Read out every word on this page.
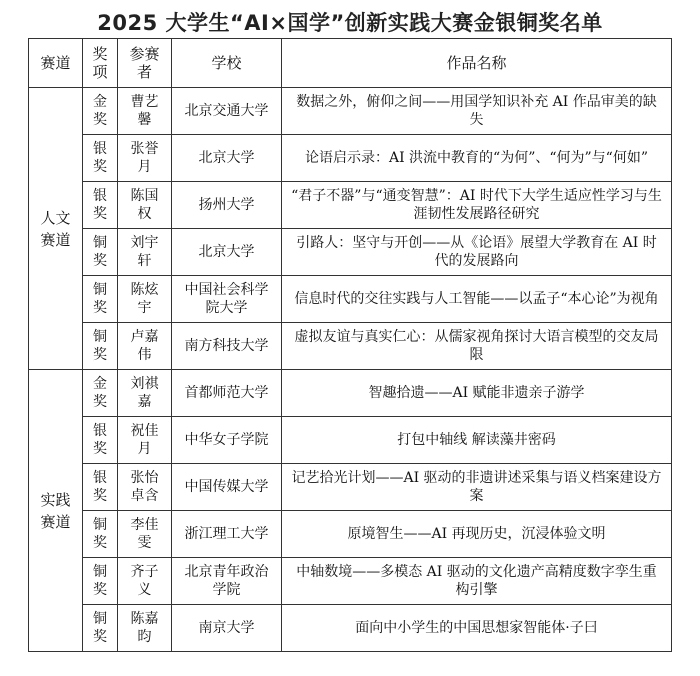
2025 大学生“AI×国学”创新实践大赛金银铜奖名单
赛道	奖项	参赛者	学校	作品名称
人文赛道	金奖	曹艺馨	北京交通大学	数据之外，俯仰之间——用国学知识补充 AI 作品审美的缺失
	银奖	张誉月	北京大学	论语启示录：AI 洪流中教育的“为何”、“何为”与“何如”
	银奖	陈国权	扬州大学	“君子不器”与“通变智慧”：AI 时代下大学生适应性学习与生涯韧性发展路径研究
	铜奖	刘宇轩	北京大学	引路人：坚守与开创——从《论语》展望大学教育在 AI 时代的发展路向
	铜奖	陈炫宇	中国社会科学院大学	信息时代的交往实践与人工智能——以孟子“本心论”为视角
	铜奖	卢嘉伟	南方科技大学	虚拟友谊与真实仁心：从儒家视角探讨大语言模型的交友局限
实践赛道	金奖	刘祺嘉	首都师范大学	智趣拾遗——AI 赋能非遗亲子游学
	银奖	祝佳月	中华女子学院	打包中轴线 解读藻井密码
	银奖	张怡卓含	中国传媒大学	记艺拾光计划——AI 驱动的非遗讲述采集与语义档案建设方案
	铜奖	李佳雯	浙江理工大学	原境智生——AI 再现历史，沉浸体验文明
	铜奖	齐子义	北京青年政治学院	中轴数境——多模态 AI 驱动的文化遗产高精度数字孪生重构引擎
	铜奖	陈嘉昀	南京大学	面向中小学生的中国思想家智能体·子曰
